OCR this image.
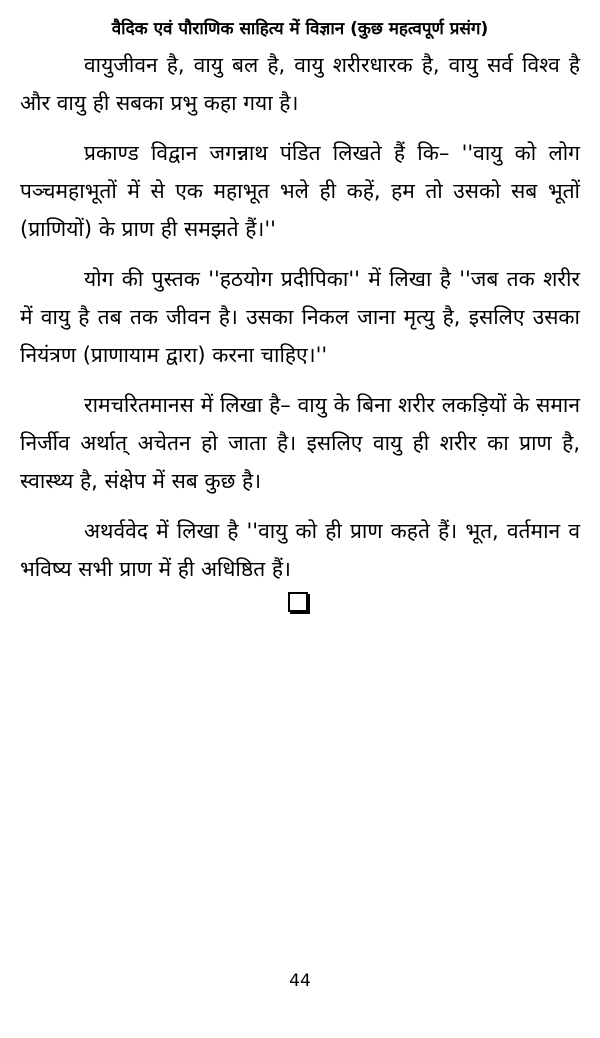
वैदिक एवं पौराणिक साहित्य में विज्ञान (कुछ महत्वपूर्ण प्रसंग)

वायुजीवन है, वायु बल है, वायु शरीरधारक है, वायु सर्व विश्व है और वायु ही सबका प्रभु कहा गया है।

प्रकाण्ड विद्वान जगन्नाथ पंडित लिखते हैं कि– ''वायु को लोग पञ्चमहाभूतों में से एक महाभूत भले ही कहें, हम तो उसको सब भूतों (प्राणियों) के प्राण ही समझते हैं।''

योग की पुस्तक ''हठयोग प्रदीपिका'' में लिखा है ''जब तक शरीर में वायु है तब तक जीवन है। उसका निकल जाना मृत्यु है, इसलिए उसका नियंत्रण (प्राणायाम द्वारा) करना चाहिए।''

रामचरितमानस में लिखा है– वायु के बिना शरीर लकड़ियों के समान निर्जीव अर्थात् अचेतन हो जाता है। इसलिए वायु ही शरीर का प्राण है, स्वास्थ्य है, संक्षेप में सब कुछ है।

अथर्ववेद में लिखा है ''वायु को ही प्राण कहते हैं। भूत, वर्तमान व भविष्य सभी प्राण में ही अधिष्ठित हैं।

44
